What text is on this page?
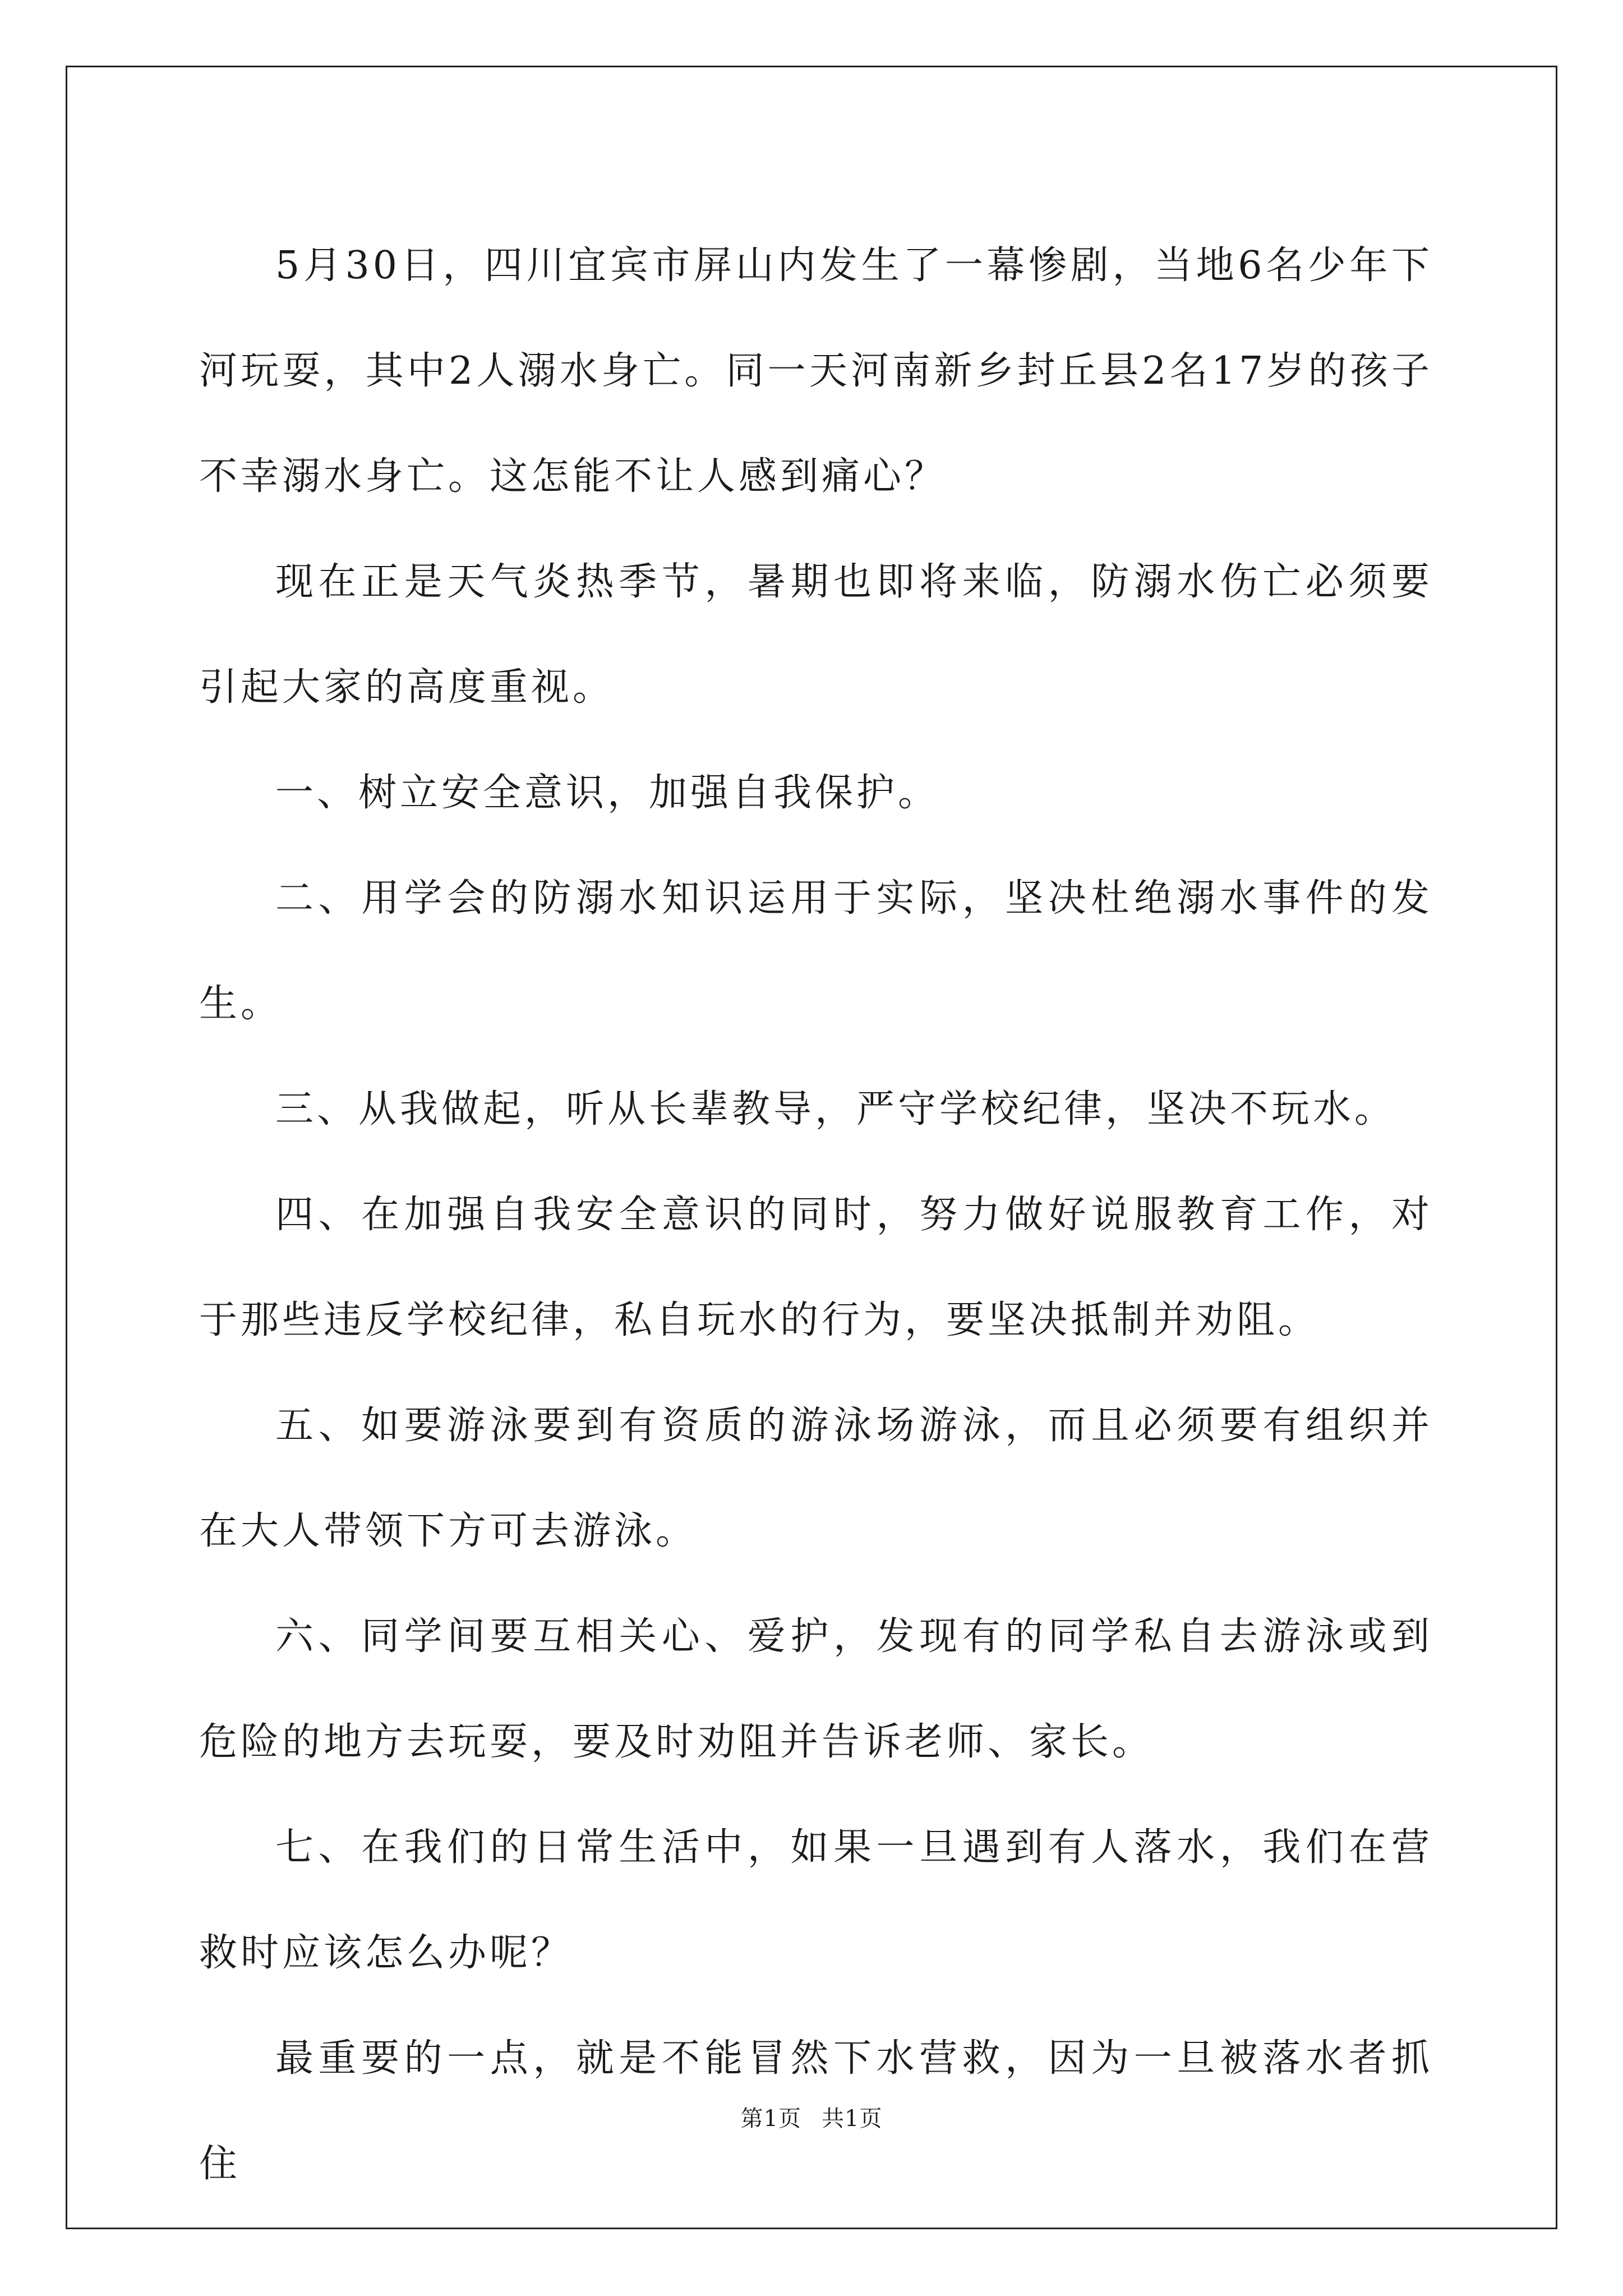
5月30日，四川宜宾市屏山内发生了一幕惨剧，当地6名少年下河玩耍，其中2人溺水身亡。同一天河南新乡封丘县2名17岁的孩子不幸溺水身亡。这怎能不让人感到痛心？

现在正是天气炎热季节，暑期也即将来临，防溺水伤亡必须要引起大家的高度重视。

一、树立安全意识，加强自我保护。

二、用学会的防溺水知识运用于实际，坚决杜绝溺水事件的发生。

三、从我做起，听从长辈教导，严守学校纪律，坚决不玩水。

四、在加强自我安全意识的同时，努力做好说服教育工作，对于那些违反学校纪律，私自玩水的行为，要坚决抵制并劝阻。

五、如要游泳要到有资质的游泳场游泳，而且必须要有组织并在大人带领下方可去游泳。

六、同学间要互相关心、爱护，发现有的同学私自去游泳或到危险的地方去玩耍，要及时劝阻并告诉老师、家长。

七、在我们的日常生活中，如果一旦遇到有人落水，我们在营救时应该怎么办呢？

最重要的一点，就是不能冒然下水营救，因为一旦被落水者抓住

第1页 共1页
